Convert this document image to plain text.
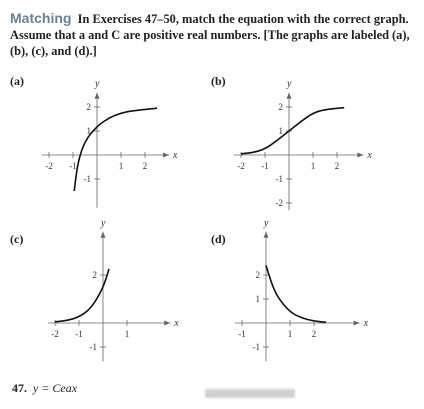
Matching In Exercises 47–50, match the equation with the correct graph. Assume that a and C are positive real numbers. [The graphs are labeled (a), (b), (c), and (d).]
(a)	(b)
(c)	(d)
x
y
-2 -1	1 2
2
1
-1
x
y
-2 -1	1 2
2
1
-1
-2
x
y
-2 -1	1
2
-1
x
y
-1	1 2
2
1
-1
47. y = Ceax
